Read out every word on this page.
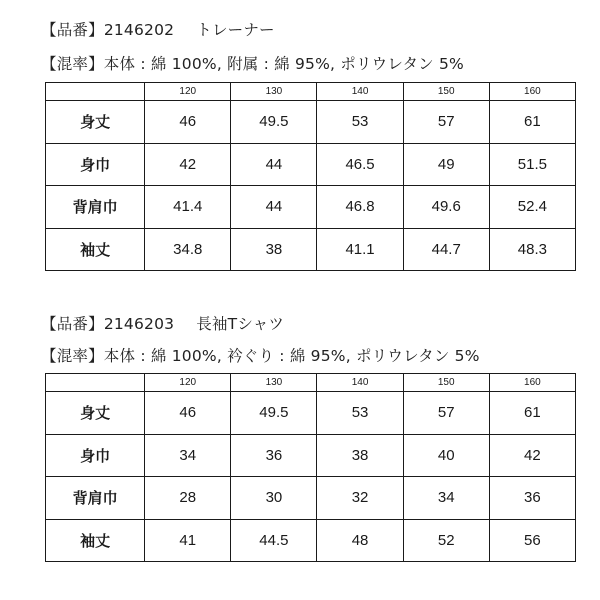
【品番】2146202 トレーナー
【混率】本体 : 綿 100%, 附属 : 綿 95%, ポリウレタン 5%
	120	130	140	150	160
身丈	46	49.5	53	57	61
身巾	42	44	46.5	49	51.5
背肩巾	41.4	44	46.8	49.6	52.4
袖丈	34.8	38	41.1	44.7	48.3
【品番】2146203 長袖Tシャツ
【混率】本体 : 綿 100%, 衿ぐり : 綿 95%, ポリウレタン 5%
	120	130	140	150	160
身丈	46	49.5	53	57	61
身巾	34	36	38	40	42
背肩巾	28	30	32	34	36
袖丈	41	44.5	48	52	56
